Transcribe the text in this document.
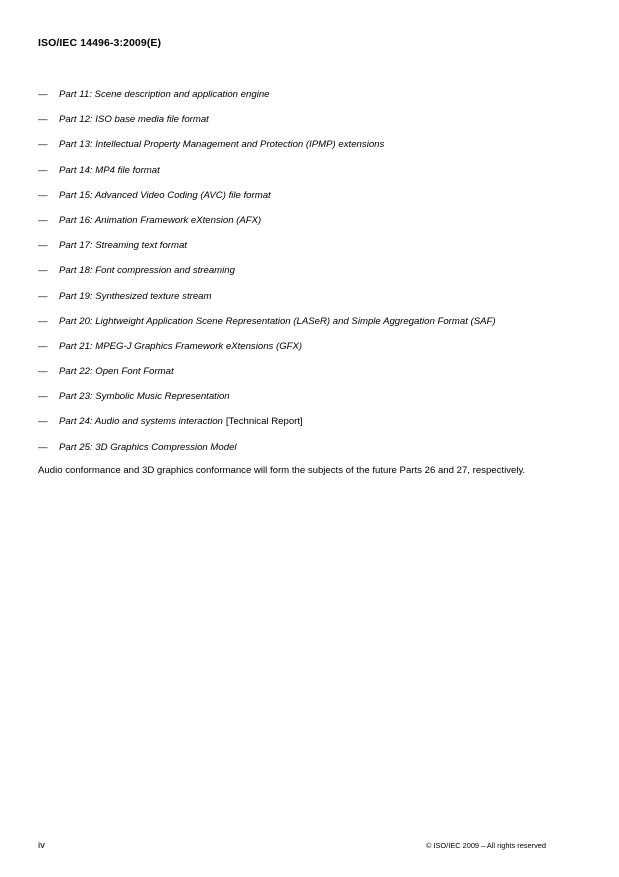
ISO/IEC 14496-3:2009(E)
—	Part 11: Scene description and application engine
—	Part 12: ISO base media file format
—	Part 13: Intellectual Property Management and Protection (IPMP) extensions
—	Part 14: MP4 file format
—	Part 15: Advanced Video Coding (AVC) file format
—	Part 16: Animation Framework eXtension (AFX)
—	Part 17: Streaming text format
—	Part 18: Font compression and streaming
—	Part 19: Synthesized texture stream
—	Part 20: Lightweight Application Scene Representation (LASeR) and Simple Aggregation Format (SAF)
—	Part 21: MPEG-J Graphics Framework eXtensions (GFX)
—	Part 22: Open Font Format
—	Part 23: Symbolic Music Representation
—	Part 24: Audio and systems interaction [Technical Report]
—	Part 25: 3D Graphics Compression Model

Audio conformance and 3D graphics conformance will form the subjects of the future Parts 26 and 27, respectively.

iv	© ISO/IEC 2009 – All rights reserved
